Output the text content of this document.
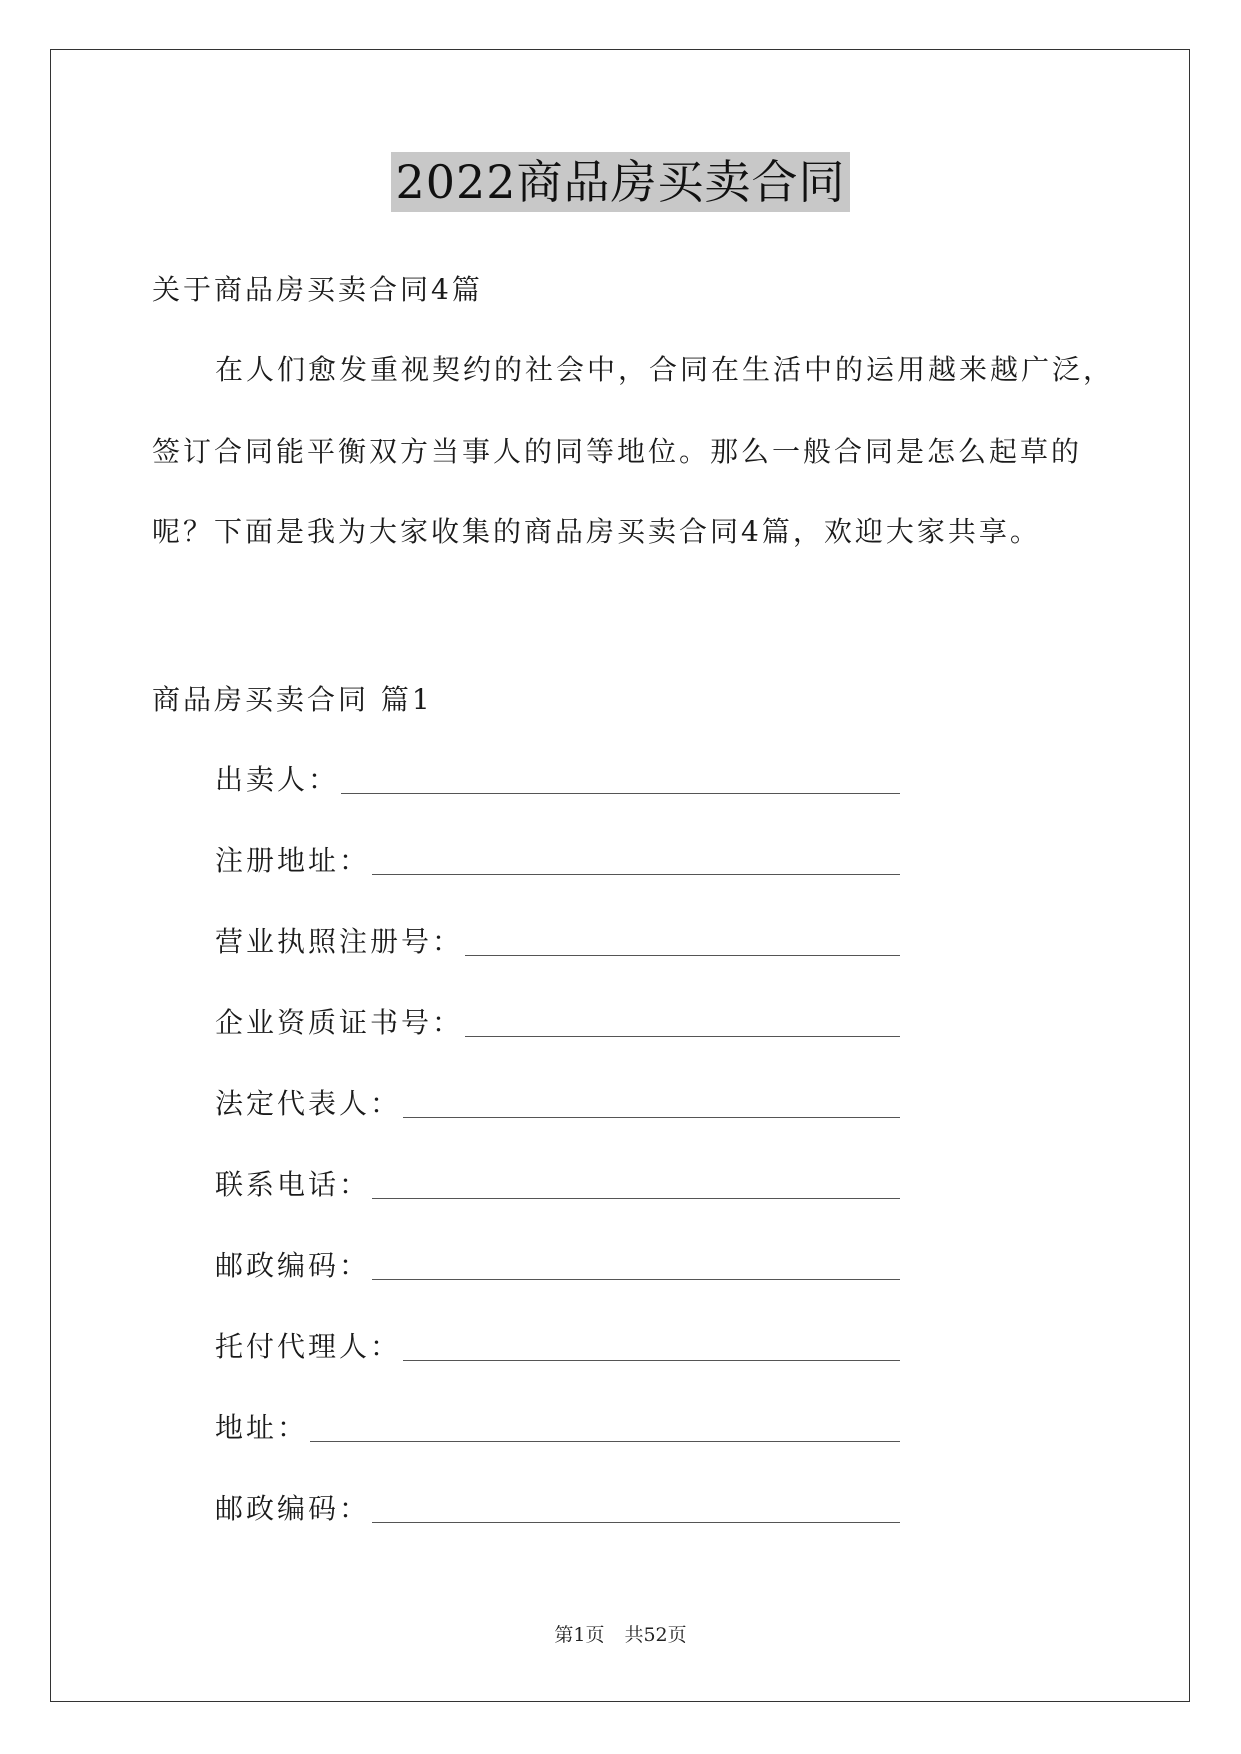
2022商品房买卖合同
关于商品房买卖合同4篇
在人们愈发重视契约的社会中，合同在生活中的运用越来越广泛，
签订合同能平衡双方当事人的同等地位。那么一般合同是怎么起草的
呢？下面是我为大家收集的商品房买卖合同4篇，欢迎大家共享。
商品房买卖合同 篇1
出卖人：
注册地址：
营业执照注册号：
企业资质证书号：
法定代表人：
联系电话：
邮政编码：
托付代理人：
地址：
邮政编码：
第1页 共52页
